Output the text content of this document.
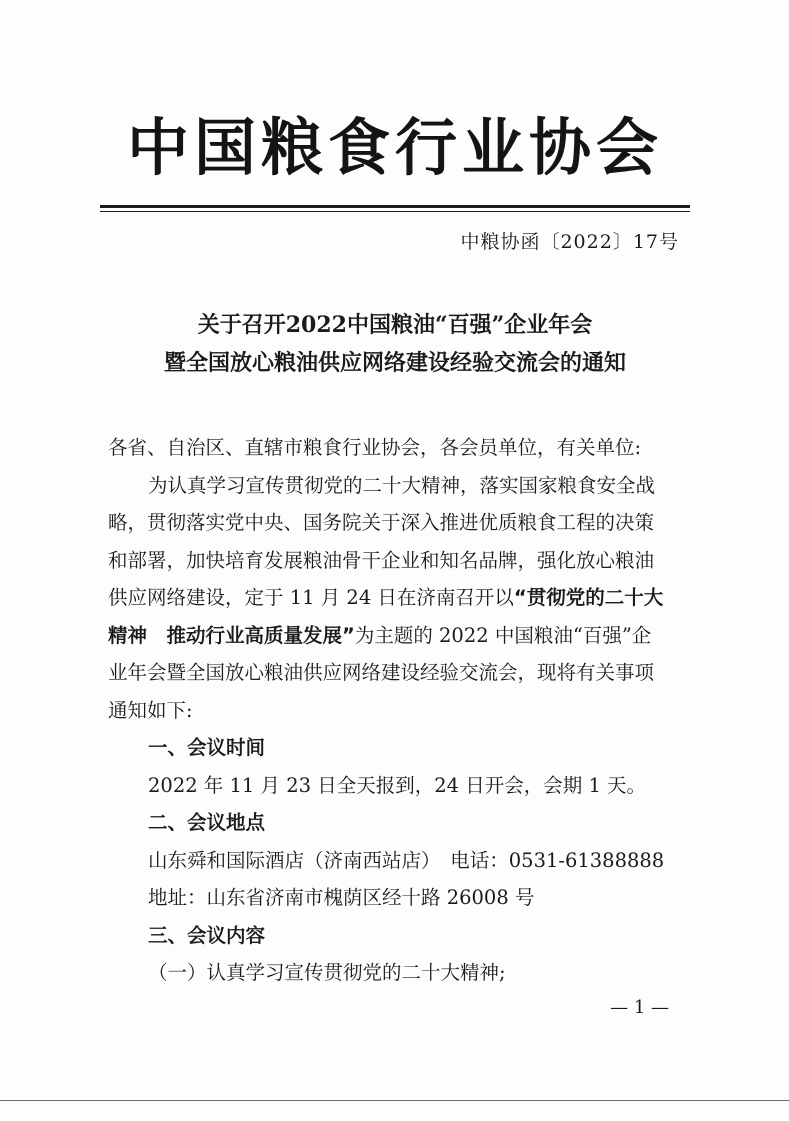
中国粮食行业协会
中粮协函〔2022〕17号
关于召开2022中国粮油“百强”企业年会
暨全国放心粮油供应网络建设经验交流会的通知

各省、自治区、直辖市粮食行业协会，各会员单位，有关单位:

为认真学习宣传贯彻党的二十大精神，落实国家粮食安全战

略，贯彻落实党中央、国务院关于深入推进优质粮食工程的决策

和部署，加快培育发展粮油骨干企业和知名品牌，强化放心粮油

供应网络建设，定于 11 月 24 日在济南召开以“贯彻党的二十大

精神　推动行业高质量发展”为主题的 2022 中国粮油“百强”企

业年会暨全国放心粮油供应网络建设经验交流会，现将有关事项

通知如下:

一、会议时间

2022 年 11 月 23 日全天报到，24 日开会，会期 1 天。

二、会议地点

山东舜和国际酒店（济南西站店）　电话：0531-61388888

地址：山东省济南市槐荫区经十路 26008 号

三、会议内容

（一）认真学习宣传贯彻党的二十大精神;

— 1 —
